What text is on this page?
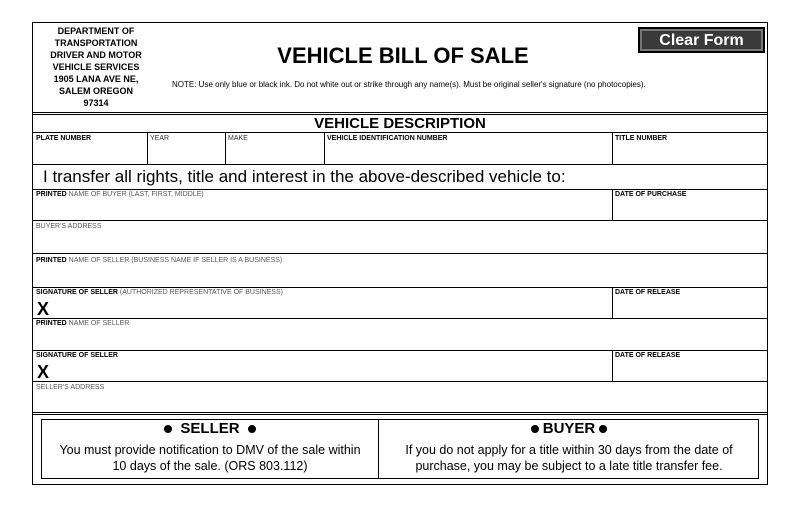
DEPARTMENT OF
TRANSPORTATION
DRIVER AND MOTOR
VEHICLE SERVICES
1905 LANA AVE NE,
SALEM OREGON
97314
VEHICLE BILL OF SALE
NOTE: Use only blue or black ink. Do not white out or strike through any name(s). Must be original seller's signature (no photocopies).
Clear Form
VEHICLE DESCRIPTION
PLATE NUMBER	YEAR	MAKE	VEHICLE IDENTIFICATION NUMBER	TITLE NUMBER
I transfer all rights, title and interest in the above-described vehicle to:
PRINTED NAME OF BUYER (LAST, FIRST, MIDDLE)	DATE OF PURCHASE
BUYER'S ADDRESS
PRINTED NAME OF SELLER (BUSINESS NAME IF SELLER IS A BUSINESS)
SIGNATURE OF SELLER (AUTHORIZED REPRESENTATIVE OF BUSINESS)
X
DATE OF RELEASE
PRINTED NAME OF SELLER
SIGNATURE OF SELLER
X
DATE OF RELEASE
SELLER'S ADDRESS
SELLER
You must provide notification to DMV of the sale within
10 days of the sale. (ORS 803.112)
BUYER
If you do not apply for a title within 30 days from the date of
purchase, you may be subject to a late title transfer fee.
